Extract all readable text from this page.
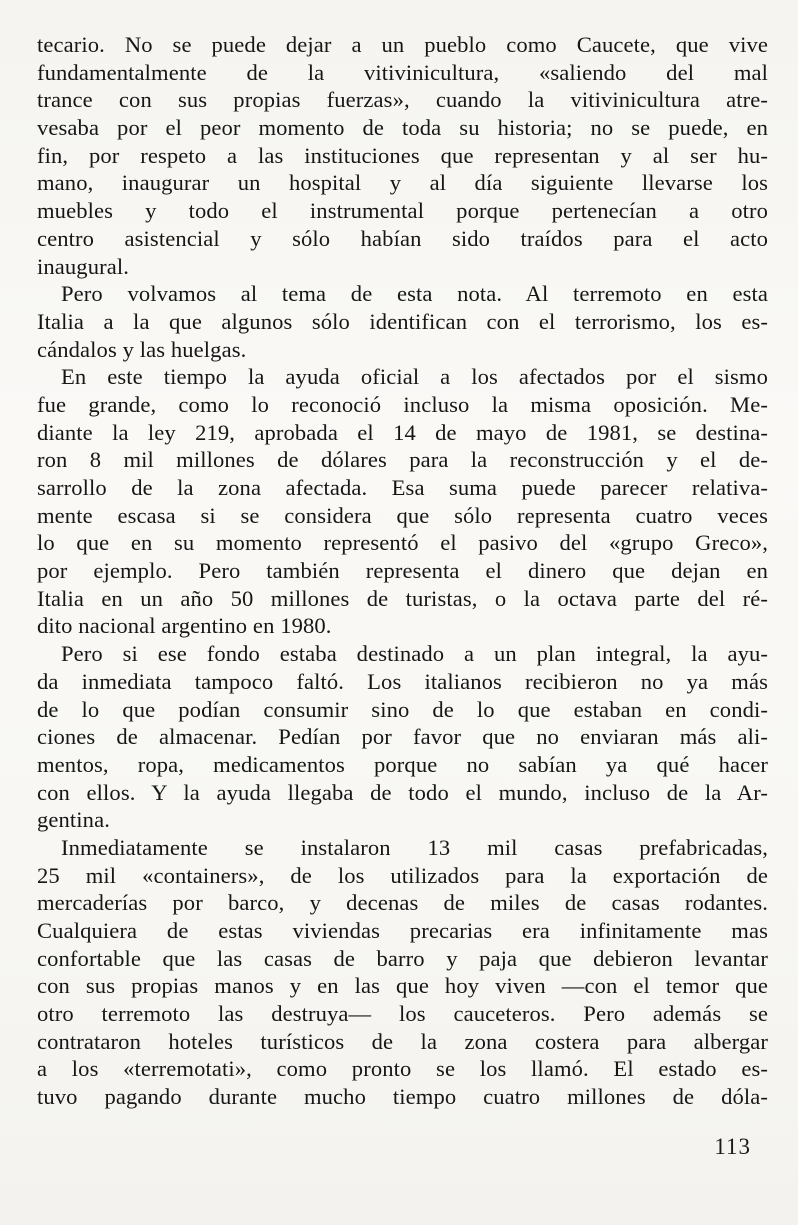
tecario. No se puede dejar a un pueblo como Caucete, que vive
fundamentalmente de la vitivinicultura, «saliendo del mal
trance con sus propias fuerzas», cuando la vitivinicultura atre-
vesaba por el peor momento de toda su historia; no se puede, en
fin, por respeto a las instituciones que representan y al ser hu-
mano, inaugurar un hospital y al día siguiente llevarse los
muebles y todo el instrumental porque pertenecían a otro
centro asistencial y sólo habían sido traídos para el acto
inaugural.
Pero volvamos al tema de esta nota. Al terremoto en esta
Italia a la que algunos sólo identifican con el terrorismo, los es-
cándalos y las huelgas.
En este tiempo la ayuda oficial a los afectados por el sismo
fue grande, como lo reconoció incluso la misma oposición. Me-
diante la ley 219, aprobada el 14 de mayo de 1981, se destina-
ron 8 mil millones de dólares para la reconstrucción y el de-
sarrollo de la zona afectada. Esa suma puede parecer relativa-
mente escasa si se considera que sólo representa cuatro veces
lo que en su momento representó el pasivo del «grupo Greco»,
por ejemplo. Pero también representa el dinero que dejan en
Italia en un año 50 millones de turistas, o la octava parte del ré-
dito nacional argentino en 1980.
Pero si ese fondo estaba destinado a un plan integral, la ayu-
da inmediata tampoco faltó. Los italianos recibieron no ya más
de lo que podían consumir sino de lo que estaban en condi-
ciones de almacenar. Pedían por favor que no enviaran más ali-
mentos, ropa, medicamentos porque no sabían ya qué hacer
con ellos. Y la ayuda llegaba de todo el mundo, incluso de la Ar-
gentina.
Inmediatamente se instalaron 13 mil casas prefabricadas,
25 mil «containers», de los utilizados para la exportación de
mercaderías por barco, y decenas de miles de casas rodantes.
Cualquiera de estas viviendas precarias era infinitamente mas
confortable que las casas de barro y paja que debieron levantar
con sus propias manos y en las que hoy viven —con el temor que
otro terremoto las destruya— los cauceteros. Pero además se
contrataron hoteles turísticos de la zona costera para albergar
a los «terremotati», como pronto se los llamó. El estado es-
tuvo pagando durante mucho tiempo cuatro millones de dóla-
113
